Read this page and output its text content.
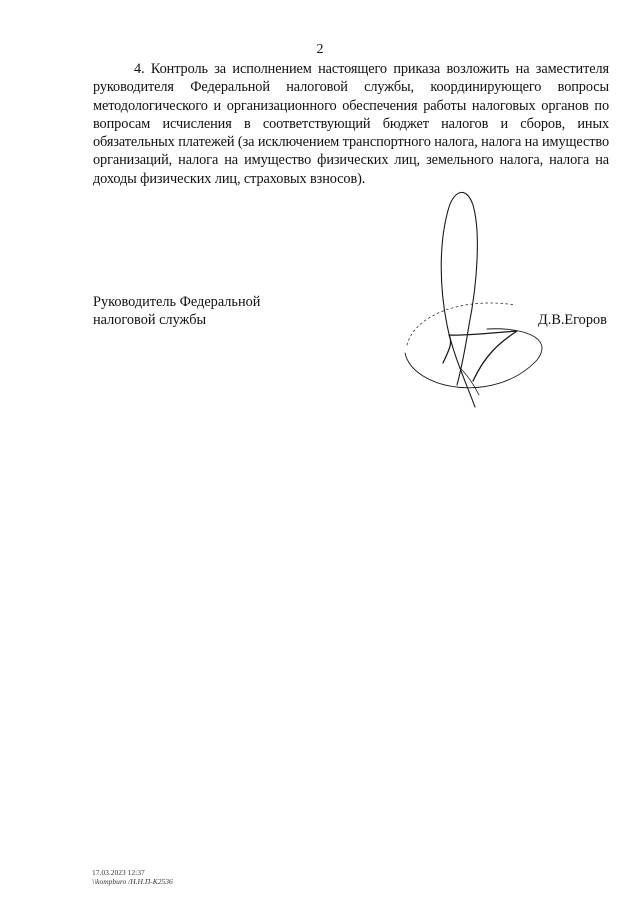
2

4. Контроль за исполнением настоящего приказа возложить на заместителя руководителя Федеральной налоговой службы, координирующего вопросы методологического и организационного обеспечения работы налоговых органов по вопросам исчисления в соответствующий бюджет налогов и сборов, иных обязательных платежей (за исключением транспортного налога, налога на имущество организаций, налога на имущество физических лиц, земельного налога, налога на доходы физических лиц, страховых взносов).

Руководитель Федеральной
налоговой службы	Д.В.Егоров

17.03.2023 12:37
\\kompburo /Н.Н.П-К2536
